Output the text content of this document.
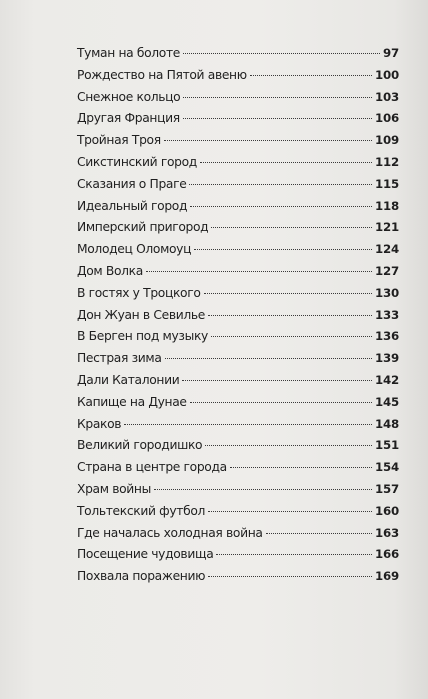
Туман на болоте	97
Рождество на Пятой авеню	100
Снежное кольцо	103
Другая Франция	106
Тройная Троя	109
Сикстинский город	112
Сказания о Праге	115
Идеальный город	118
Имперский пригород	121
Молодец Оломоуц	124
Дом Волка	127
В гостях у Троцкого	130
Дон Жуан в Севилье	133
В Берген под музыку	136
Пестрая зима	139
Дали Каталонии	142
Капище на Дунае	145
Краков	148
Великий городишко	151
Страна в центре города	154
Храм войны	157
Тольтекский футбол	160
Где началась холодная война	163
Посещение чудовища	166
Похвала поражению	169
